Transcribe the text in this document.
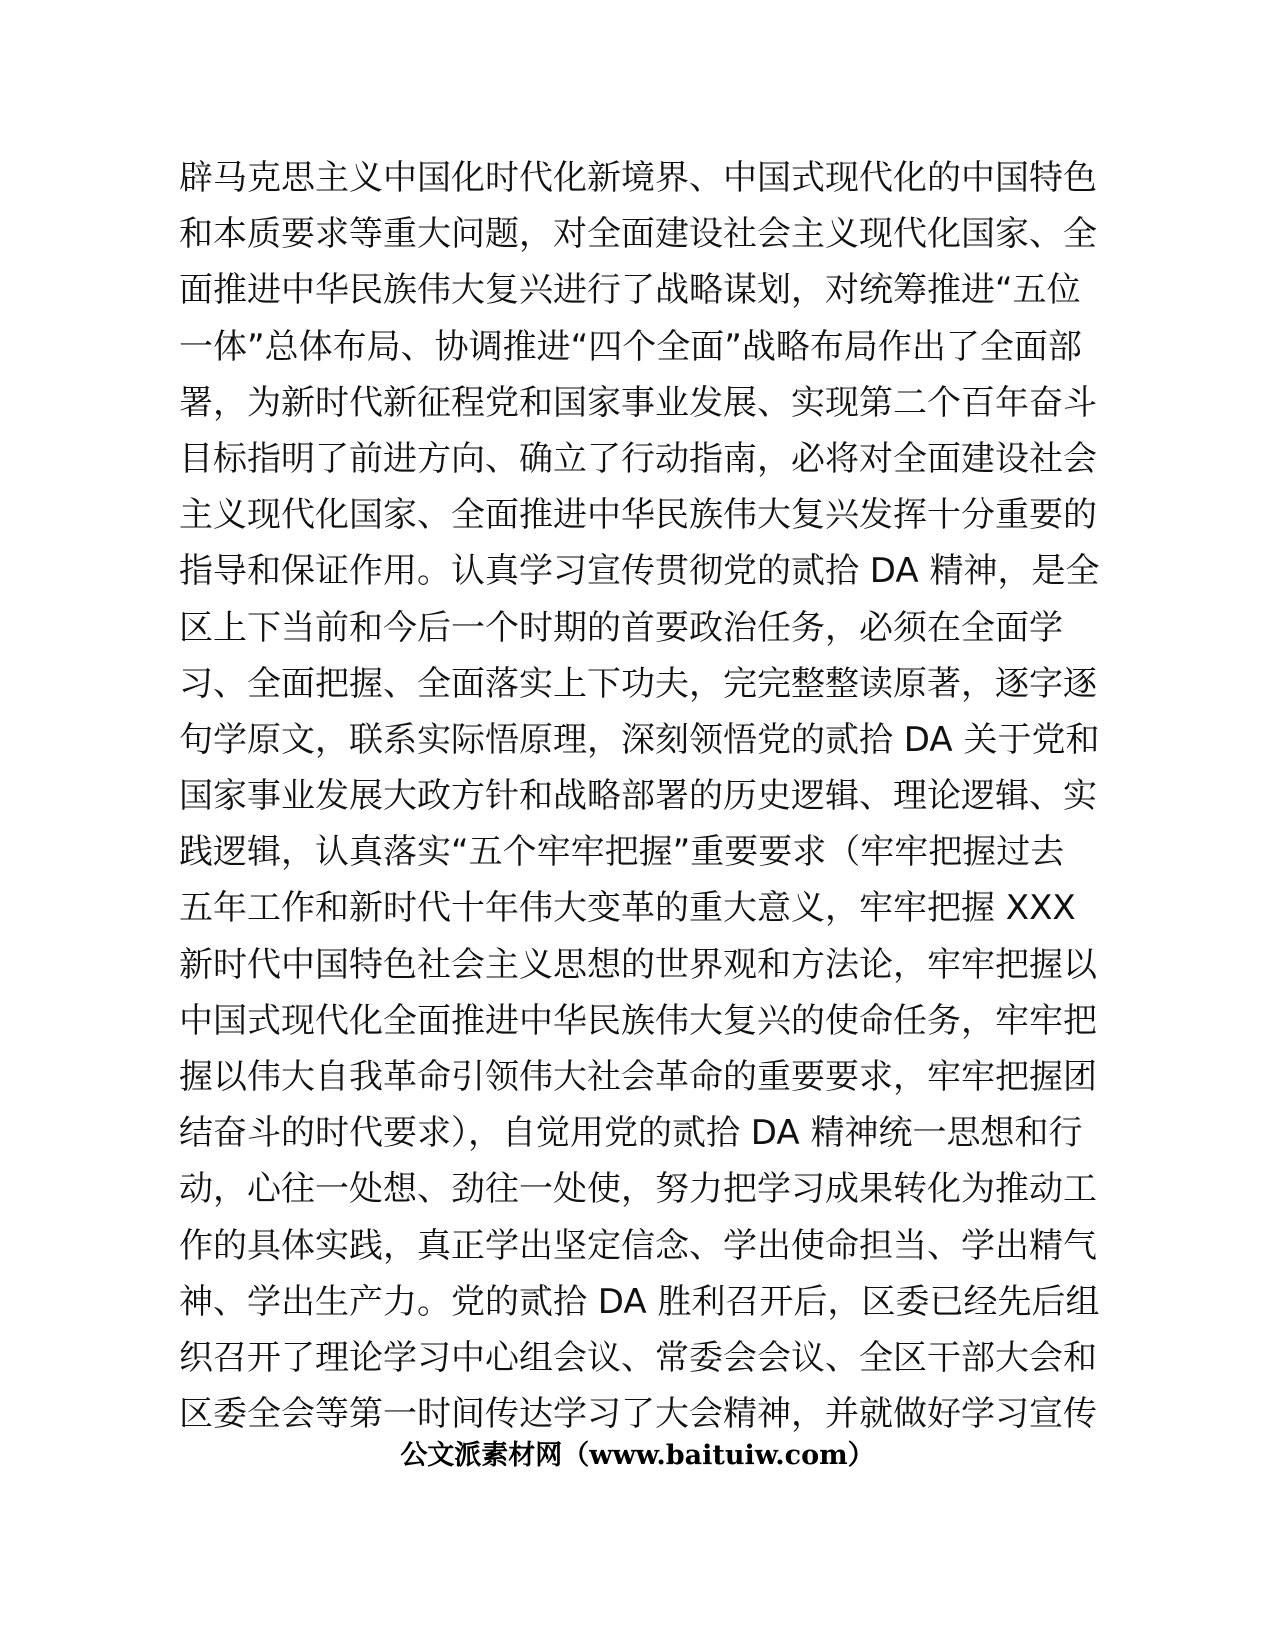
辟马克思主义中国化时代化新境界、中国式现代化的中国特色
和本质要求等重大问题，对全面建设社会主义现代化国家、全
面推进中华民族伟大复兴进行了战略谋划，对统筹推进“五位
一体”总体布局、协调推进“四个全面”战略布局作出了全面部
署，为新时代新征程党和国家事业发展、实现第二个百年奋斗
目标指明了前进方向、确立了行动指南，必将对全面建设社会
主义现代化国家、全面推进中华民族伟大复兴发挥十分重要的
指导和保证作用。认真学习宣传贯彻党的贰拾 DA 精神，是全
区上下当前和今后一个时期的首要政治任务，必须在全面学
习、全面把握、全面落实上下功夫，完完整整读原著，逐字逐
句学原文，联系实际悟原理，深刻领悟党的贰拾 DA 关于党和
国家事业发展大政方针和战略部署的历史逻辑、理论逻辑、实
践逻辑，认真落实“五个牢牢把握”重要要求（牢牢把握过去
五年工作和新时代十年伟大变革的重大意义，牢牢把握 XXX
新时代中国特色社会主义思想的世界观和方法论，牢牢把握以
中国式现代化全面推进中华民族伟大复兴的使命任务，牢牢把
握以伟大自我革命引领伟大社会革命的重要要求，牢牢把握团
结奋斗的时代要求），自觉用党的贰拾 DA 精神统一思想和行
动，心往一处想、劲往一处使，努力把学习成果转化为推动工
作的具体实践，真正学出坚定信念、学出使命担当、学出精气
神、学出生产力。党的贰拾 DA 胜利召开后，区委已经先后组
织召开了理论学习中心组会议、常委会会议、全区干部大会和
区委全会等第一时间传达学习了大会精神，并就做好学习宣传
公文派素材网（www.baituiw.com）
